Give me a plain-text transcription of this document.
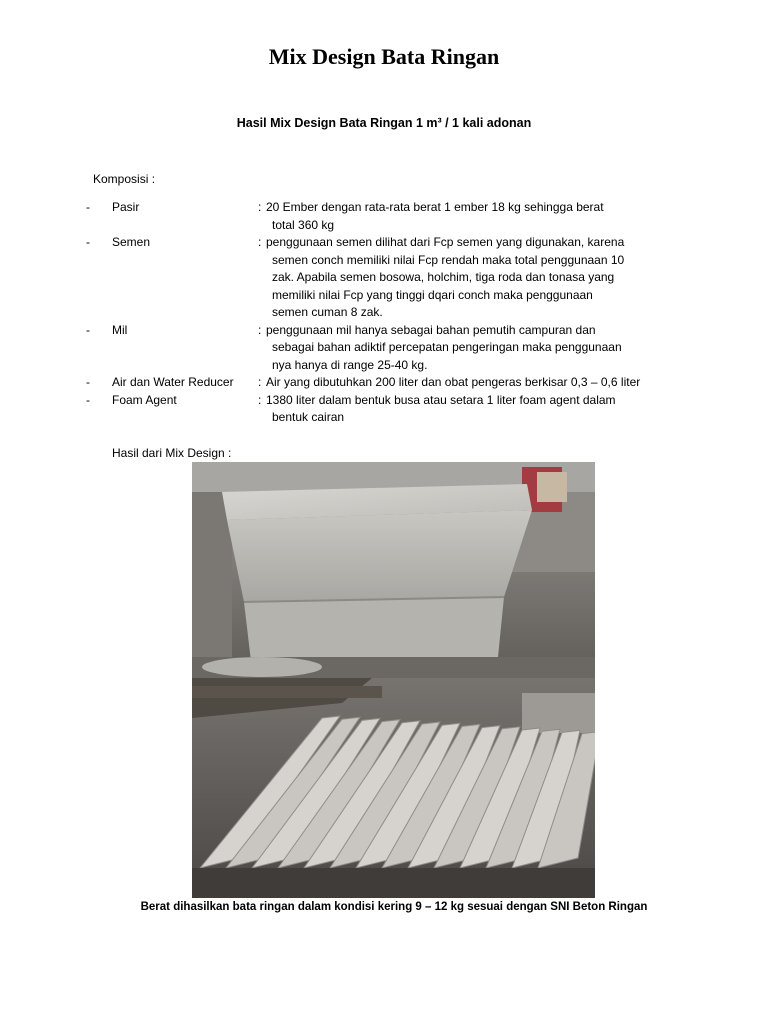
Mix Design Bata Ringan
Hasil Mix Design Bata Ringan 1 m³ / 1 kali adonan
Komposisi :
-	Pasir	: 20 Ember dengan rata-rata berat 1 ember 18 kg sehingga berat
total 360 kg
-	Semen	: penggunaan semen dilihat dari Fcp semen yang digunakan, karena
semen conch memiliki nilai Fcp rendah maka total penggunaan 10
zak. Apabila semen bosowa, holchim, tiga roda dan tonasa yang
memiliki nilai Fcp yang tinggi dqari conch maka penggunaan
semen cuman 8 zak.
-	Mil	: penggunaan mil hanya sebagai bahan pemutih campuran dan
sebagai bahan adiktif percepatan pengeringan maka penggunaan
nya hanya di range 25-40 kg.
-	Air dan Water Reducer	: Air yang dibutuhkan 200 liter dan obat pengeras berkisar 0,3 – 0,6 liter
-	Foam Agent	: 1380 liter dalam bentuk busa atau setara 1 liter foam agent dalam
bentuk cairan
Hasil dari Mix Design :
Berat dihasilkan bata ringan dalam kondisi kering 9 – 12 kg sesuai dengan SNI Beton Ringan
